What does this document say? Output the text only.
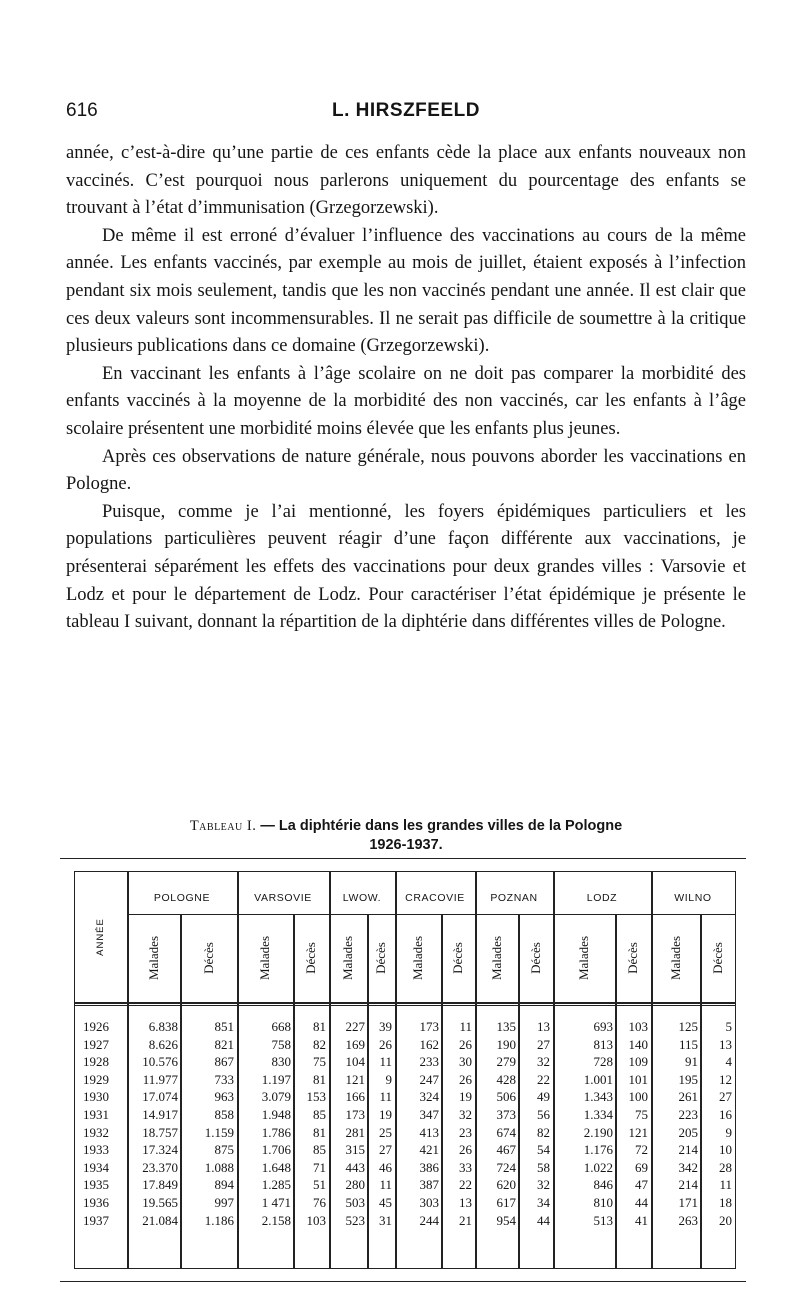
616	L. HIRSZFEELD

année, c’est-à-dire qu’une partie de ces enfants cède la place aux enfants nouveaux non vaccinés. C’est pourquoi nous parlerons uniquement du pourcentage des enfants se trouvant à l’état d’immunisation (Grzegorzewski).

De même il est erroné d’évaluer l’influence des vaccinations au cours de la même année. Les enfants vaccinés, par exemple au mois de juillet, étaient exposés à l’infection pendant six mois seulement, tandis que les non vaccinés pendant une année. Il est clair que ces deux valeurs sont incommensurables. Il ne serait pas difficile de soumettre à la critique plusieurs publications dans ce domaine (Grzegorzewski).

En vaccinant les enfants à l’âge scolaire on ne doit pas comparer la morbidité des enfants vaccinés à la moyenne de la morbidité des non vaccinés, car les enfants à l’âge scolaire présentent une morbidité moins élevée que les enfants plus jeunes.

Après ces observations de nature générale, nous pouvons aborder les vaccinations en Pologne.

Puisque, comme je l’ai mentionné, les foyers épidémiques particuliers et les populations particulières peuvent réagir d’une façon différente aux vaccinations, je présenterai séparément les effets des vaccinations pour deux grandes villes : Varsovie et Lodz et pour le département de Lodz. Pour caractériser l’état épidémique je présente le tableau I suivant, donnant la répartition de la diphtérie dans différentes villes de Pologne.

Tableau I. — La diphtérie dans les grandes villes de la Pologne
1926-1937.
ANNÉE
POLOGNE
Malades	Décès
VARSOVIE
Malades Décès
LWOW.
Malades Décès
CRACOVIE
Malades Décès
POZNAN
Malades Décès
LODZ
Malades	Décès
WILNO
Malades Décès
1926	6.838	851	668	81	227	39	173	11	135	13	693	103	125	5
1927	8.626	821	758	82	169	26	162	26	190	27	813	140	115	13
1928	10.576	867	830	75	104	11	233	30	279	32	728	109	91	4
1929	11.977	733	1.197	81	121	9	247	26	428	22	1.001	101	195	12
1930	17.074	963	3.079	153	166	11	324	19	506	49	1.343	100	261	27
1931	14.917	858	1.948	85	173	19	347	32	373	56	1.334	75	223	16
1932	18.757	1.159	1.786	81	281	25	413	23	674	82	2.190	121	205	9
1933	17.324	875	1.706	85	315	27	421	26	467	54	1.176	72	214	10
1934	23.370	1.088	1.648	71	443	46	386	33	724	58	1.022	69	342	28
1935	17.849	894	1.285	51	280	11	387	22	620	32	846	47	214	11
1936	19.565	997	1 471	76	503	45	303	13	617	34	810	44	171	18
1937	21.084	1.186	2.158	103	523	31	244	21	954	44	513	41	263	20
